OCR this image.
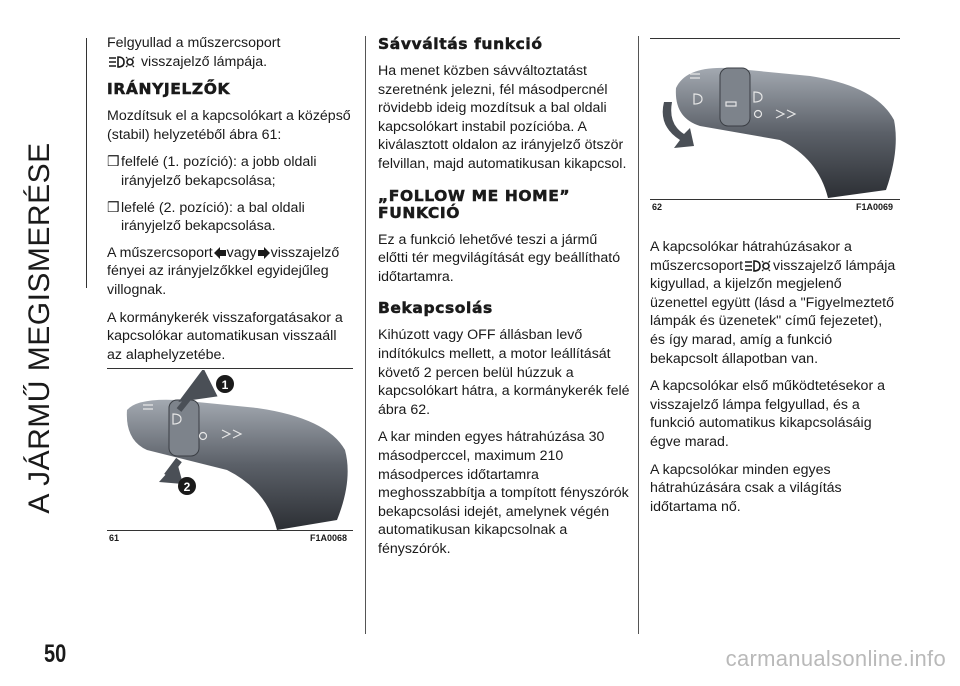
A JÁRMŰ MEGISMERÉSE
50

Felgyullad a műszercsoport
visszajelző lámpája.

IRÁNYJELZŐK

Mozdítsuk el a kapcsolókart a középső (stabil) helyzetéből ábra 61:

❒felfelé (1. pozíció): a jobb oldali irányjelző bekapcsolása;
❒lefelé (2. pozíció): a bal oldali irányjelző bekapcsolása.

A műszercsoport vagy visszajelző fényei az irányjelzőkkel egyidejűleg villognak.

A kormánykerék visszaforgatásakor a kapcsolókar automatikusan visszaáll az alaphelyzetébe.

1
2
61	F1A0068
Sávváltás funkció

Ha menet közben sávváltoztatást szeretnénk jelezni, fél másodpercnél rövidebb ideig mozdítsuk a bal oldali kapcsolókart instabil pozícióba. A kiválasztott oldalon az irányjelző ötször felvillan, majd automatikusan kikapcsol.

„FOLLOW ME HOME” FUNKCIÓ

Ez a funkció lehetővé teszi a jármű előtti tér megvilágítását egy beállítható időtartamra.

Bekapcsolás

Kihúzott vagy OFF állásban levő indítókulcs mellett, a motor leállítását követő 2 percen belül húzzuk a kapcsolókart hátra, a kormánykerék felé ábra 62.

A kar minden egyes hátrahúzása 30 másodperccel, maximum 210 másodperces időtartamra meghosszabbítja a tompított fényszórók bekapcsolási idejét, amelynek végén automatikusan kikapcsolnak a fényszórók.

62	F1A0069

A kapcsolókar hátrahúzásakor a műszercsoport visszajelző lámpája kigyullad, a kijelzőn megjelenő üzenettel együtt (lásd a "Figyelmeztető lámpák és üzenetek" című fejezetet), és így marad, amíg a funkció bekapcsolt állapotban van.

A kapcsolókar első működtetésekor a visszajelző lámpa felgyullad, és a funkció automatikus kikapcsolásáig égve marad.

A kapcsolókar minden egyes hátrahúzására csak a világítás időtartama nő.

carmanualsonline.info
